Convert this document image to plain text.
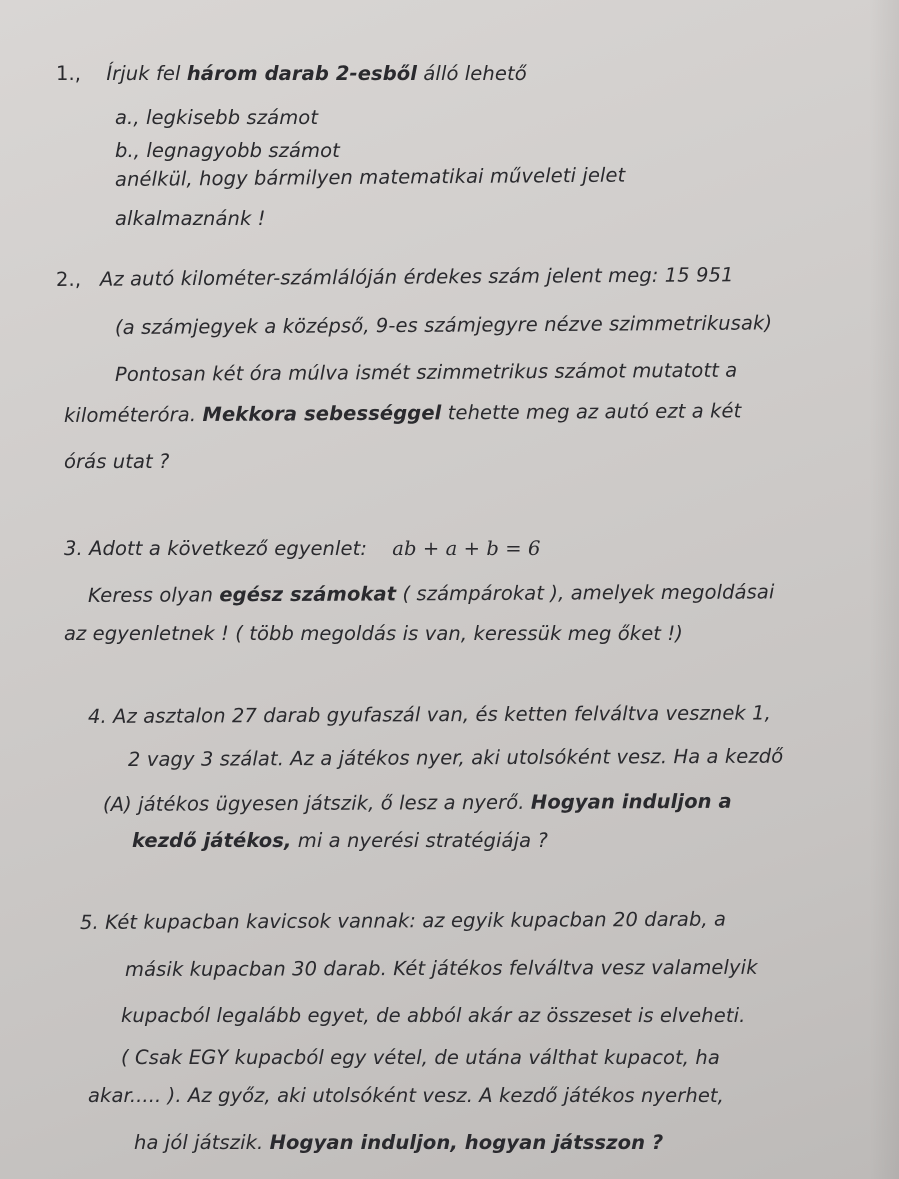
1., Írjuk fel három darab 2-esből álló lehető
a., legkisebb számot
b., legnagyobb számot
anélkül, hogy bármilyen matematikai műveleti jelet
alkalmaznánk !
2., Az autó kilométer-számlálóján érdekes szám jelent meg: 15 951
(a számjegyek a középső, 9-es számjegyre nézve szimmetrikusak)
Pontosan két óra múlva ismét szimmetrikus számot mutatott a
kilométeróra. Mekkora sebességgel tehette meg az autó ezt a két
órás utat ?
3. Adott a következő egyenlet: ab + a + b = 6
Keress olyan egész számokat ( számpárokat ), amelyek megoldásai
az egyenletnek ! ( több megoldás is van, keressük meg őket !)
4. Az asztalon 27 darab gyufaszál van, és ketten felváltva vesznek 1,
2 vagy 3 szálat. Az a játékos nyer, aki utolsóként vesz. Ha a kezdő
(A) játékos ügyesen játszik, ő lesz a nyerő. Hogyan induljon a
kezdő játékos, mi a nyerési stratégiája ?
5. Két kupacban kavicsok vannak: az egyik kupacban 20 darab, a
másik kupacban 30 darab. Két játékos felváltva vesz valamelyik
kupacból legalább egyet, de abból akár az összeset is elveheti.
( Csak EGY kupacból egy vétel, de utána válthat kupacot, ha
akar..... ). Az győz, aki utolsóként vesz. A kezdő játékos nyerhet,
ha jól játszik. Hogyan induljon, hogyan játsszon ?
